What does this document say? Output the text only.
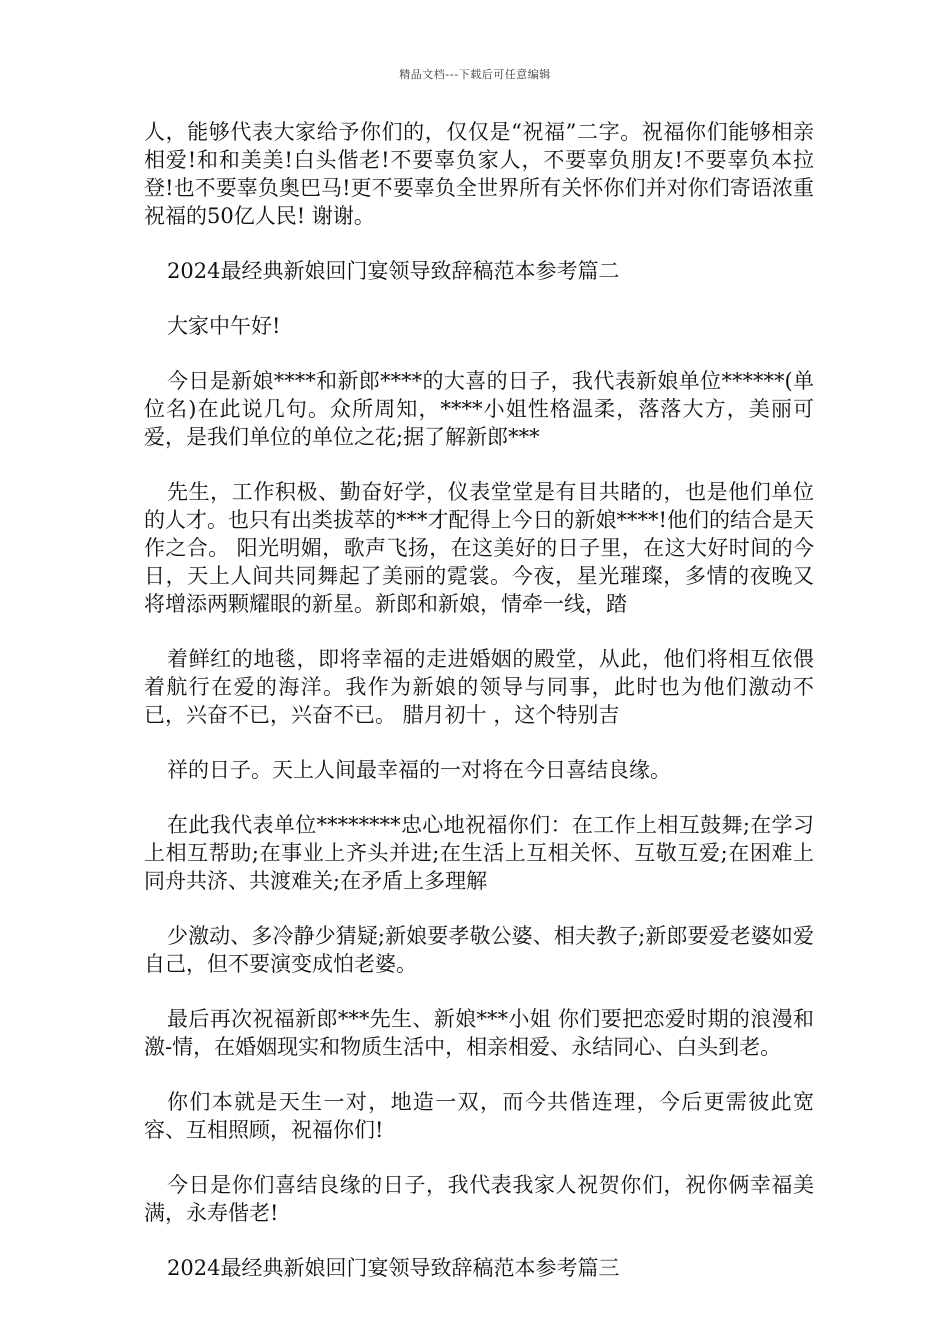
精品文档---下载后可任意编辑

人，能够代表大家给予你们的，仅仅是“祝福”二字。祝福你们能够相亲相爱!和和美美!白头偕老!不要辜负家人，不要辜负朋友!不要辜负本拉登!也不要辜负奥巴马!更不要辜负全世界所有关怀你们并对你们寄语浓重祝福的50亿人民! 谢谢。

2024最经典新娘回门宴领导致辞稿范本参考篇二

大家中午好!

今日是新娘****和新郎****的大喜的日子，我代表新娘单位******(单位名)在此说几句。众所周知，****小姐性格温柔，落落大方，美丽可爱，是我们单位的单位之花;据了解新郎***

先生，工作积极、勤奋好学，仪表堂堂是有目共睹的，也是他们单位的人才。也只有出类拔萃的***才配得上今日的新娘****!他们的结合是天作之合。 阳光明媚，歌声飞扬，在这美好的日子里，在这大好时间的今日，天上人间共同舞起了美丽的霓裳。今夜，星光璀璨，多情的夜晚又将增添两颗耀眼的新星。新郎和新娘，情牵一线，踏

着鲜红的地毯，即将幸福的走进婚姻的殿堂，从此，他们将相互依偎着航行在爱的海洋。我作为新娘的领导与同事，此时也为他们激动不已，兴奋不已，兴奋不已。 腊月初十 ，这个特别吉

祥的日子。天上人间最幸福的一对将在今日喜结良缘。

在此我代表单位********忠心地祝福你们：在工作上相互鼓舞;在学习上相互帮助;在事业上齐头并进;在生活上互相关怀、互敬互爱;在困难上同舟共济、共渡难关;在矛盾上多理解

少激动、多冷静少猜疑;新娘要孝敬公婆、相夫教子;新郎要爱老婆如爱自己，但不要演变成怕老婆。

最后再次祝福新郎***先生、新娘***小姐 你们要把恋爱时期的浪漫和激-情，在婚姻现实和物质生活中，相亲相爱、永结同心、白头到老。

你们本就是天生一对，地造一双，而今共偕连理，今后更需彼此宽容、互相照顾，祝福你们!

今日是你们喜结良缘的日子，我代表我家人祝贺你们，祝你俩幸福美满，永寿偕老!

2024最经典新娘回门宴领导致辞稿范本参考篇三
